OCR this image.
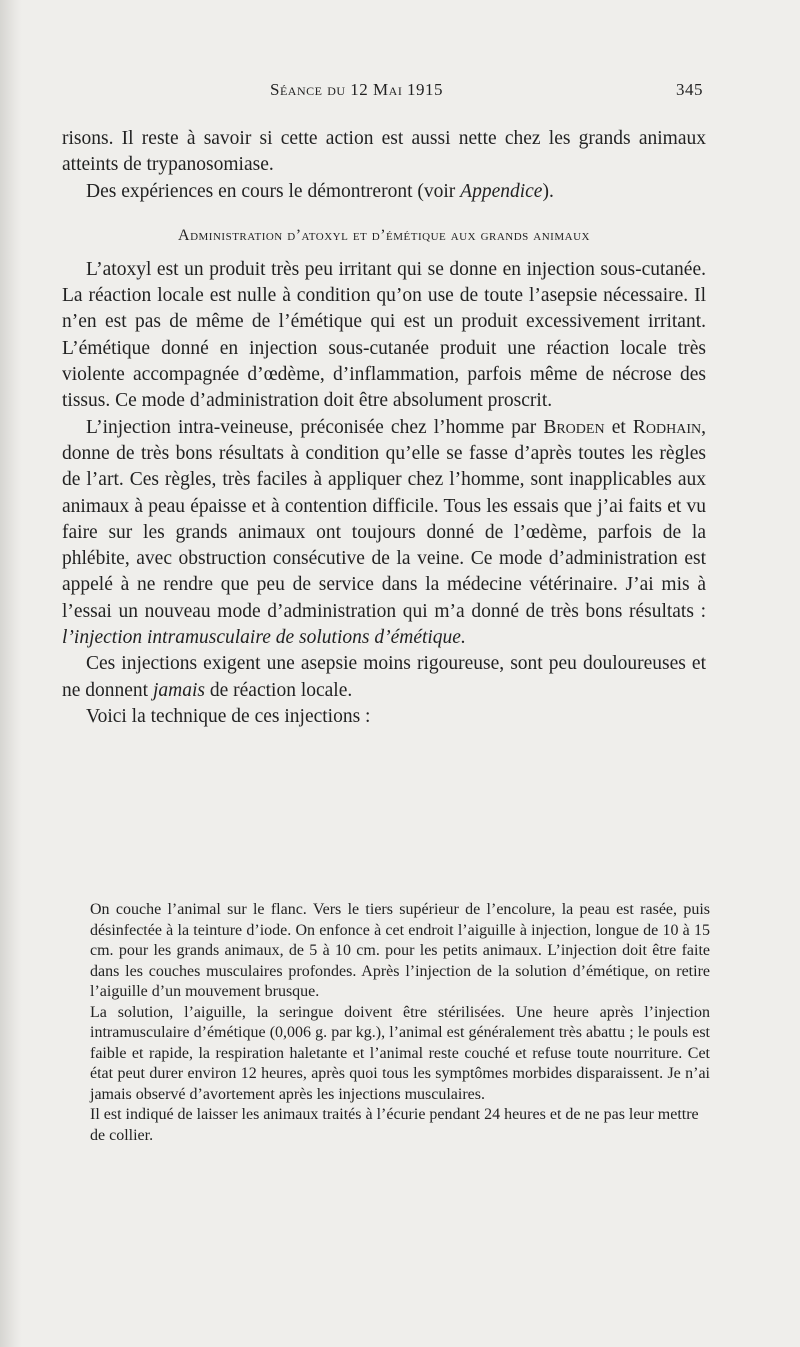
Séance du 12 Mai 1915	345

risons. Il reste à savoir si cette action est aussi nette chez les grands animaux atteints de trypanosomiase.

Des expériences en cours le démontreront (voir Appendice).

Administration d’atoxyl et d’émétique aux grands animaux

L’atoxyl est un produit très peu irritant qui se donne en injection sous-cutanée. La réaction locale est nulle à condition qu’on use de toute l’asepsie nécessaire. Il n’en est pas de même de l’émétique qui est un produit excessivement irritant. L’émétique donné en injection sous-cutanée produit une réaction locale très violente accompagnée d’œdème, d’inflammation, parfois même de nécrose des tissus. Ce mode d’administration doit être absolument proscrit.

L’injection intra-veineuse, préconisée chez l’homme par Broden et Rodhain, donne de très bons résultats à condition qu’elle se fasse d’après toutes les règles de l’art. Ces règles, très faciles à appliquer chez l’homme, sont inapplicables aux animaux à peau épaisse et à contention difficile. Tous les essais que j’ai faits et vu faire sur les grands animaux ont toujours donné de l’œdème, parfois de la phlébite, avec obstruction consécutive de la veine. Ce mode d’administration est appelé à ne rendre que peu de service dans la médecine vétérinaire. J’ai mis à l’essai un nouveau mode d’administration qui m’a donné de très bons résultats : l’injection intramusculaire de solutions d’émétique.

Ces injections exigent une asepsie moins rigoureuse, sont peu douloureuses et ne donnent jamais de réaction locale.

Voici la technique de ces injections :

On couche l’animal sur le flanc. Vers le tiers supérieur de l’encolure, la peau est rasée, puis désinfectée à la teinture d’iode. On enfonce à cet endroit l’aiguille à injection, longue de 10 à 15 cm. pour les grands animaux, de 5 à 10 cm. pour les petits animaux. L’injection doit être faite dans les couches musculaires profondes. Après l’injection de la solution d’émétique, on retire l’aiguille d’un mouvement brusque.

La solution, l’aiguille, la seringue doivent être stérilisées. Une heure après l’injection intramusculaire d’émétique (0,006 g. par kg.), l’animal est généralement très abattu ; le pouls est faible et rapide, la respiration haletante et l’animal reste couché et refuse toute nourriture. Cet état peut durer environ 12 heures, après quoi tous les symptômes morbides disparaissent. Je n’ai jamais observé d’avortement après les injections musculaires.

Il est indiqué de laisser les animaux traités à l’écurie pendant 24 heures et de ne pas leur mettre de collier.
